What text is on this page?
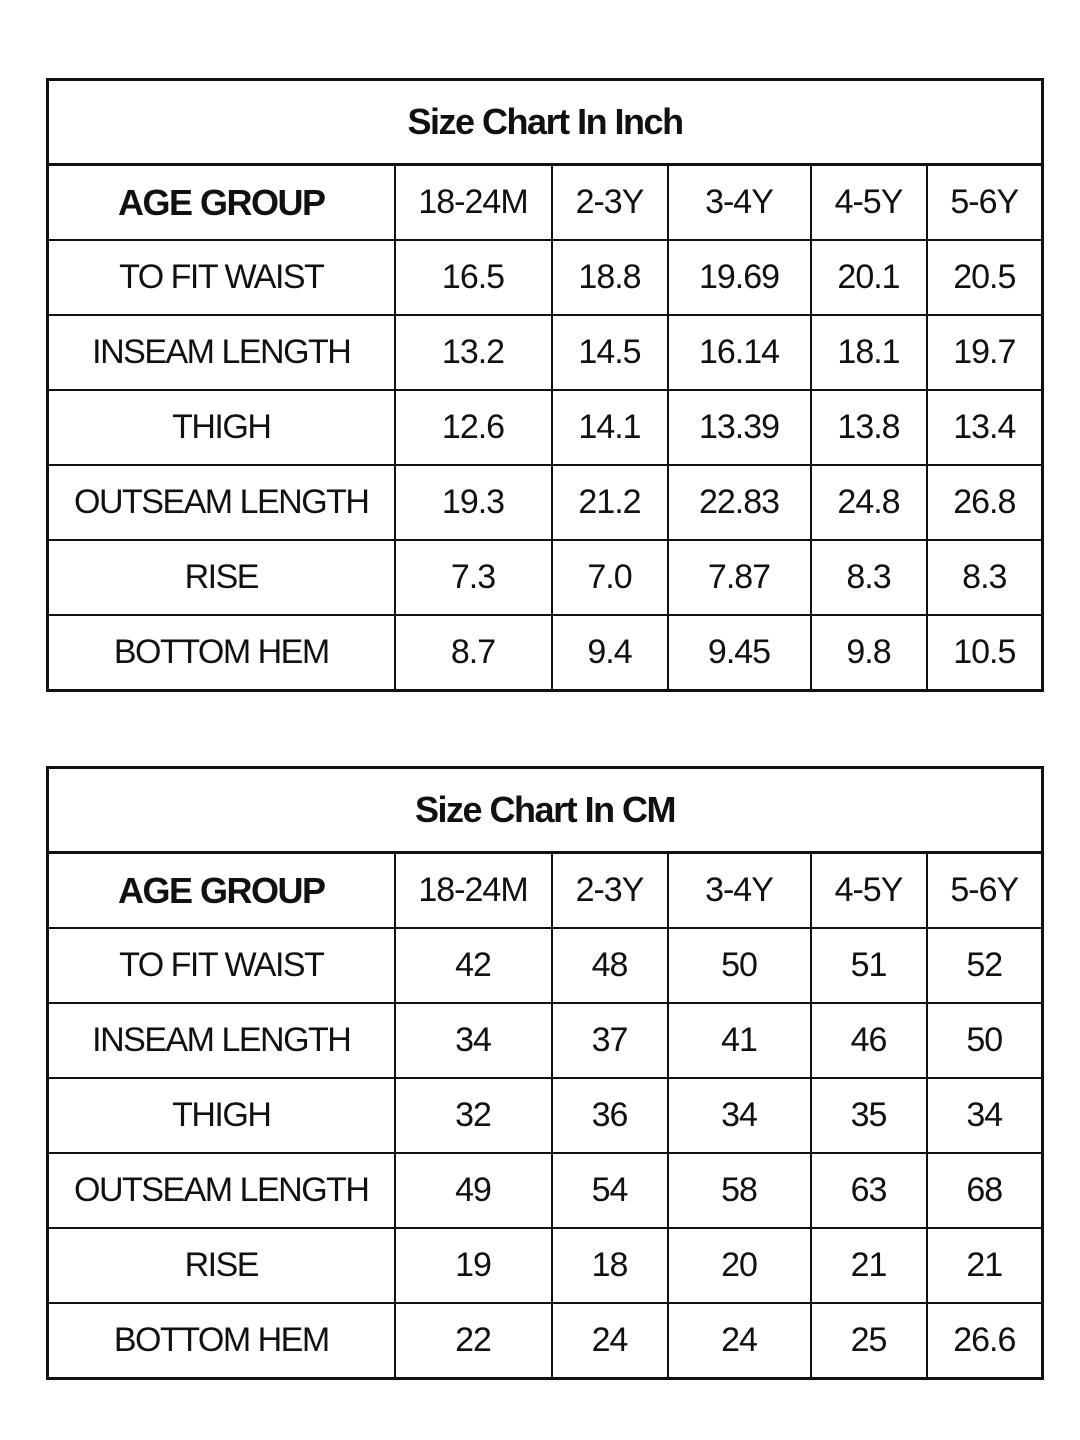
Size Chart In Inch					
AGE GROUP	18-24M	2-3Y	3-4Y	4-5Y	5-6Y
TO FIT WAIST	16.5	18.8	19.69	20.1	20.5
INSEAM LENGTH	13.2	14.5	16.14	18.1	19.7
THIGH	12.6	14.1	13.39	13.8	13.4
OUTSEAM LENGTH	19.3	21.2	22.83	24.8	26.8
RISE	7.3	7.0	7.87	8.3	8.3
BOTTOM HEM	8.7	9.4	9.45	9.8	10.5
Size Chart In CM					
AGE GROUP	18-24M	2-3Y	3-4Y	4-5Y	5-6Y
TO FIT WAIST	42	48	50	51	52
INSEAM LENGTH	34	37	41	46	50
THIGH	32	36	34	35	34
OUTSEAM LENGTH	49	54	58	63	68
RISE	19	18	20	21	21
BOTTOM HEM	22	24	24	25	26.6
